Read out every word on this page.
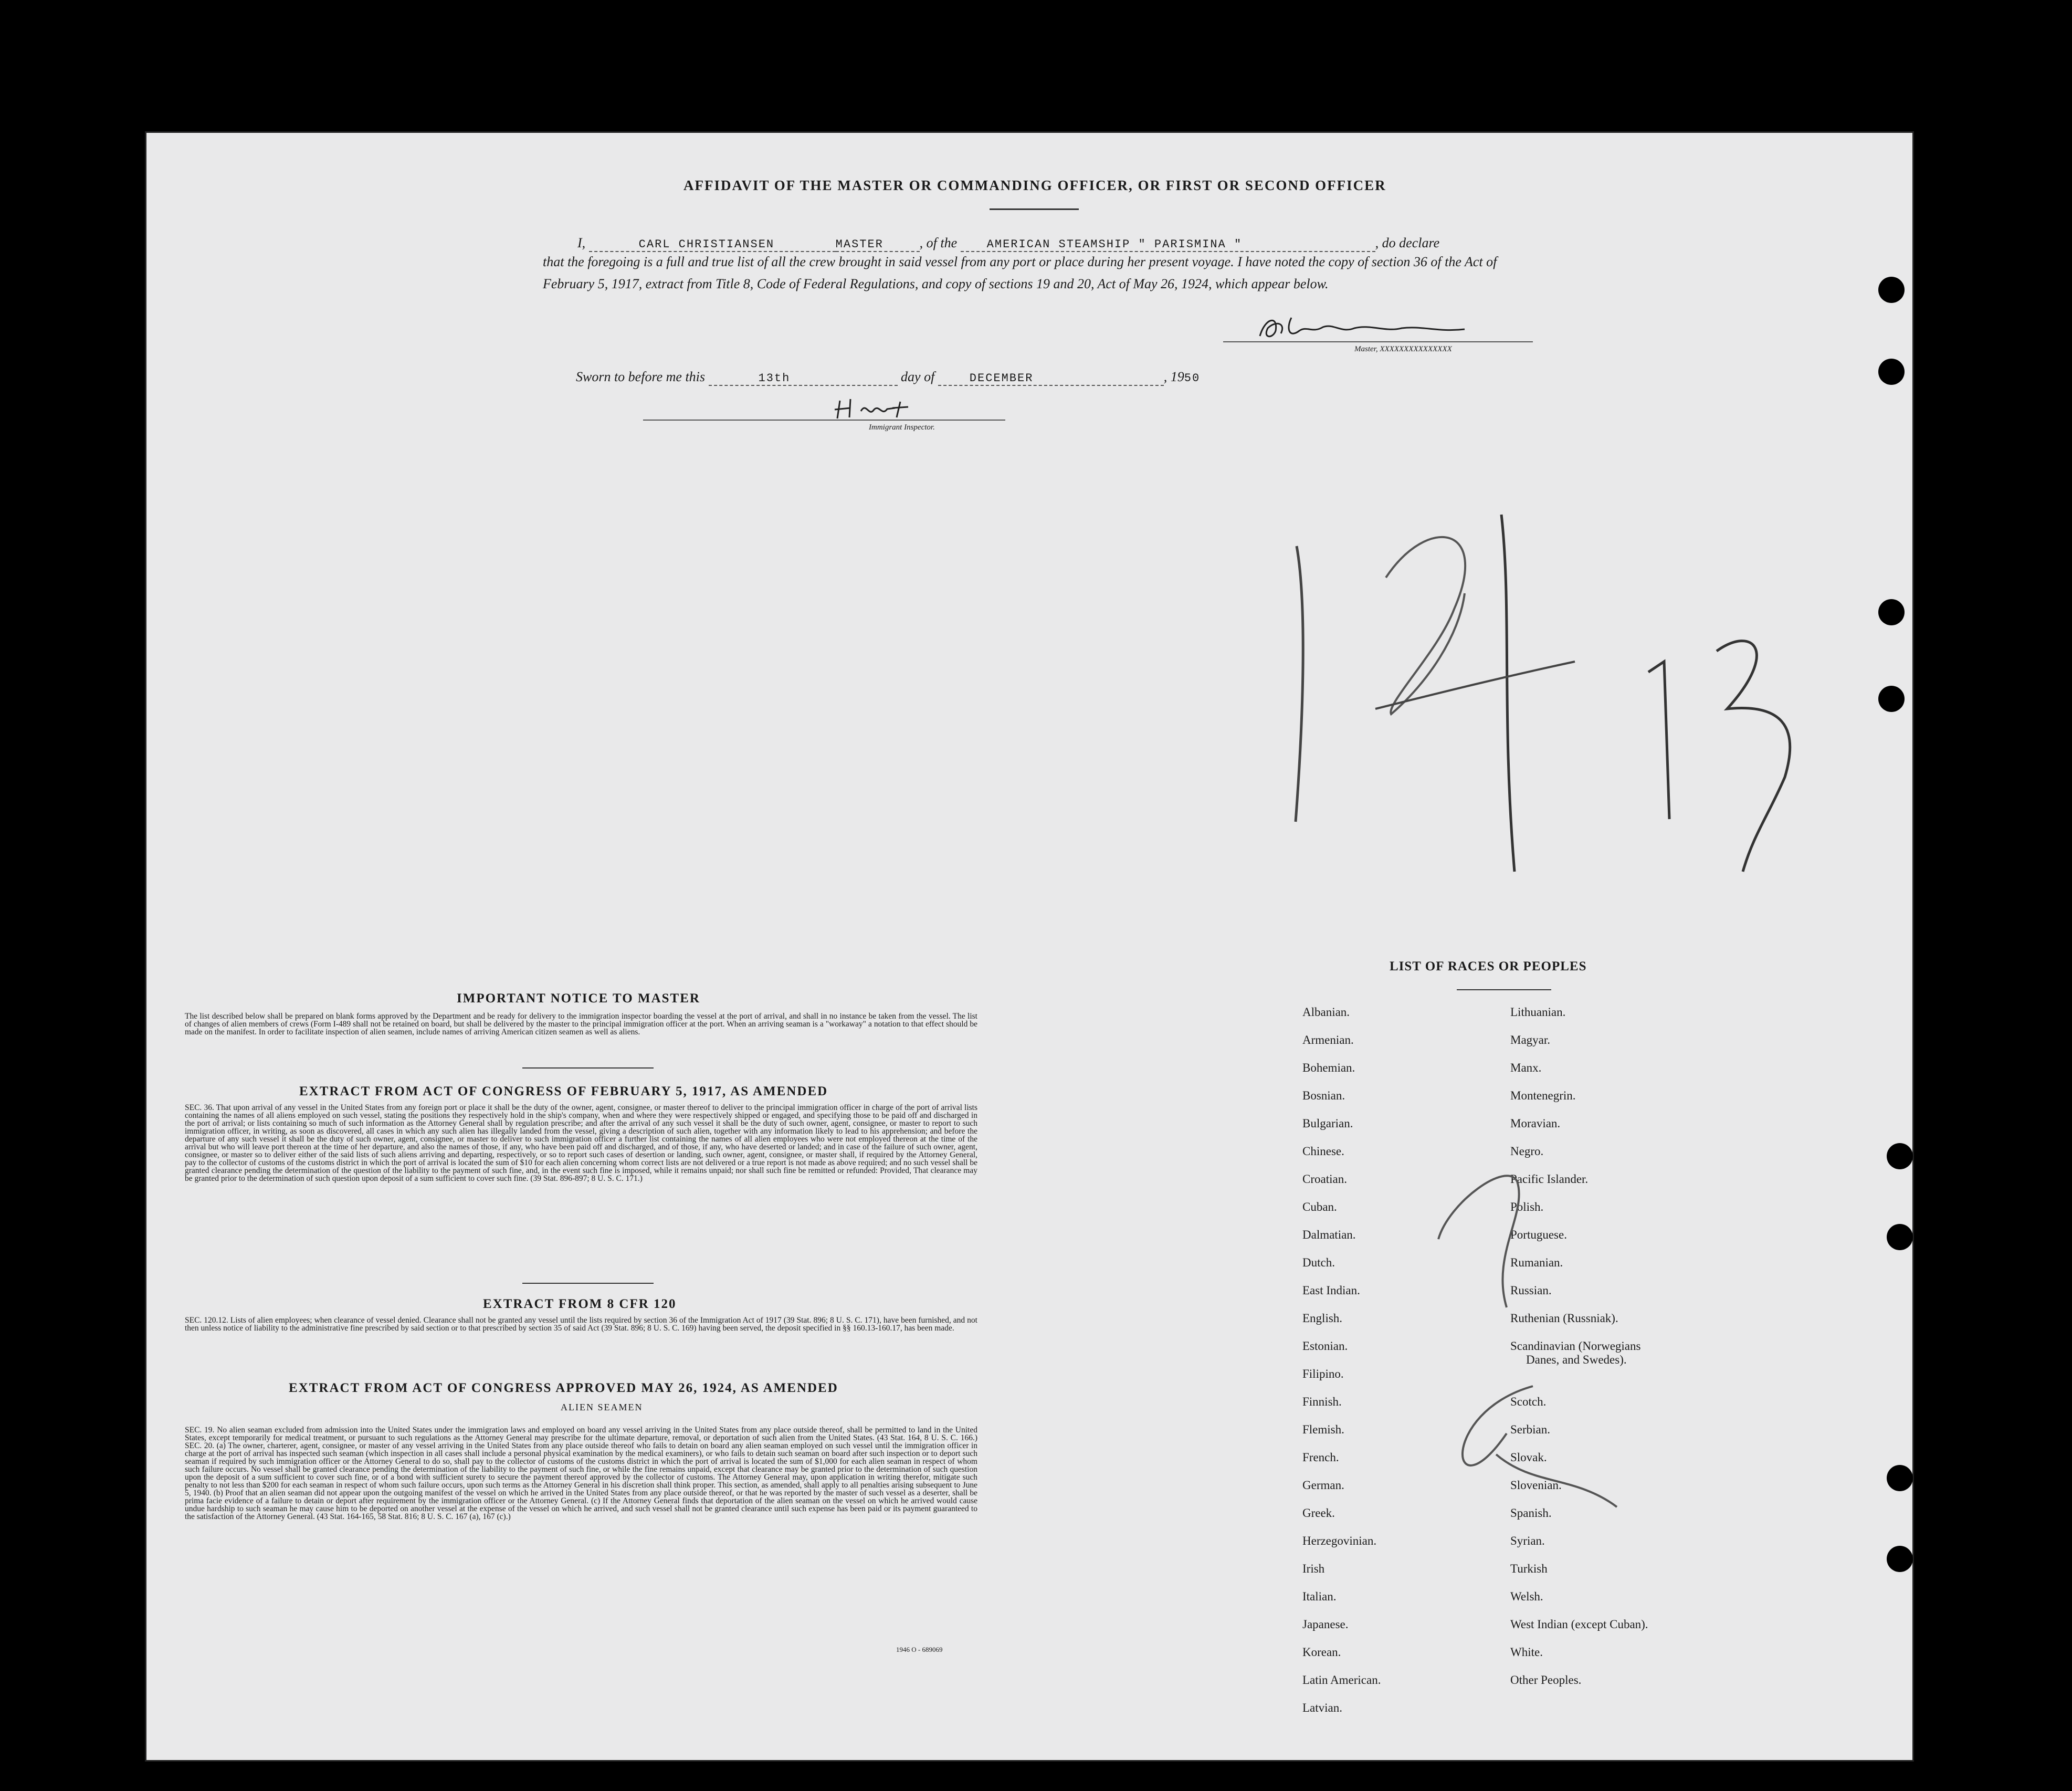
AFFIDAVIT OF THE MASTER OR COMMANDING OFFICER, OR FIRST OR SECOND OFFICER
I,	CARL CHRISTIANSEN	MASTER	, of the	AMERICAN STEAMSHIP " PARISMINA "	, do declare
that the foregoing is a full and true list of all the crew brought in said vessel from any port or place during her present voyage. I have noted the copy of section 36 of the Act of February 5, 1917, extract from Title 8, Code of Federal Regulations, and copy of sections 19 and 20, Act of May 26, 1924, which appear below.
Master, XXXXXXXXXXXXXXX
Sworn to before me this	13th	day of	DECEMBER	, 1950
Immigrant Inspector.
IMPORTANT NOTICE TO MASTER
The list described below shall be prepared on blank forms approved by the Department and be ready for delivery to the immigration inspector boarding the vessel at the port of arrival, and shall in no instance be taken from the vessel. The list of changes of alien members of crews (Form I-489 shall not be retained on board, but shall be delivered by the master to the principal immigration officer at the port. When an arriving seaman is a "workaway" a notation to that effect should be made on the manifest. In order to facilitate inspection of alien seamen, include names of arriving American citizen seamen as well as aliens.
EXTRACT FROM ACT OF CONGRESS OF FEBRUARY 5, 1917, AS AMENDED
SEC. 36. That upon arrival of any vessel in the United States from any foreign port or place it shall be the duty of the owner, agent, consignee, or master thereof to deliver to the principal immigration officer in charge of the port of arrival lists containing the names of all aliens employed on such vessel, stating the positions they respectively hold in the ship's company, when and where they were respectively shipped or engaged, and specifying those to be paid off and discharged in the port of arrival; or lists containing so much of such information as the Attorney General shall by regulation prescribe; and after the arrival of any such vessel it shall be the duty of such owner, agent, consignee, or master to report to such immigration officer, in writing, as soon as discovered, all cases in which any such alien has illegally landed from the vessel, giving a description of such alien, together with any information likely to lead to his apprehension; and before the departure of any such vessel it shall be the duty of such owner, agent, consignee, or master to deliver to such immigration officer a further list containing the names of all alien employees who were not employed thereon at the time of the arrival but who will leave port thereon at the time of her departure, and also the names of those, if any, who have been paid off and discharged, and of those, if any, who have deserted or landed; and in case of the failure of such owner, agent, consignee, or master so to deliver either of the said lists of such aliens arriving and departing, respectively, or so to report such cases of desertion or landing, such owner, agent, consignee, or master shall, if required by the Attorney General, pay to the collector of customs of the customs district in which the port of arrival is located the sum of $10 for each alien concerning whom correct lists are not delivered or a true report is not made as above required; and no such vessel shall be granted clearance pending the determination of the question of the liability to the payment of such fine, and, in the event such fine is imposed, while it remains unpaid; nor shall such fine be remitted or refunded: Provided, That clearance may be granted prior to the determination of such question upon deposit of a sum sufficient to cover such fine. (39 Stat. 896-897; 8 U. S. C. 171.)
EXTRACT FROM 8 CFR 120
SEC. 120.12. Lists of alien employees; when clearance of vessel denied. Clearance shall not be granted any vessel until the lists required by section 36 of the Immigration Act of 1917 (39 Stat. 896; 8 U. S. C. 171), have been furnished, and not then unless notice of liability to the administrative fine prescribed by said section or to that prescribed by section 35 of said Act (39 Stat. 896; 8 U. S. C. 169) having been served, the deposit specified in §§ 160.13-160.17, has been made.
EXTRACT FROM ACT OF CONGRESS APPROVED MAY 26, 1924, AS AMENDED
ALIEN SEAMEN
SEC. 19. No alien seaman excluded from admission into the United States under the immigration laws and employed on board any vessel arriving in the United States from any place outside thereof, shall be permitted to land in the United States, except temporarily for medical treatment, or pursuant to such regulations as the Attorney General may prescribe for the ultimate departure, removal, or deportation of such alien from the United States. (43 Stat. 164, 8 U. S. C. 166.) SEC. 20. (a) The owner, charterer, agent, consignee, or master of any vessel arriving in the United States from any place outside thereof who fails to detain on board any alien seaman employed on such vessel until the immigration officer in charge at the port of arrival has inspected such seaman (which inspection in all cases shall include a personal physical examination by the medical examiners), or who fails to detain such seaman on board after such inspection or to deport such seaman if required by such immigration officer or the Attorney General to do so, shall pay to the collector of customs of the customs district in which the port of arrival is located the sum of $1,000 for each alien seaman in respect of whom such failure occurs. No vessel shall be granted clearance pending the determination of the liability to the payment of such fine, or while the fine remains unpaid, except that clearance may be granted prior to the determination of such question upon the deposit of a sum sufficient to cover such fine, or of a bond with sufficient surety to secure the payment thereof approved by the collector of customs. The Attorney General may, upon application in writing therefor, mitigate such penalty to not less than $200 for each seaman in respect of whom such failure occurs, upon such terms as the Attorney General in his discretion shall think proper. This section, as amended, shall apply to all penalties arising subsequent to June 5, 1940. (b) Proof that an alien seaman did not appear upon the outgoing manifest of the vessel on which he arrived in the United States from any place outside thereof, or that he was reported by the master of such vessel as a deserter, shall be prima facie evidence of a failure to detain or deport after requirement by the immigration officer or the Attorney General. (c) If the Attorney General finds that deportation of the alien seaman on the vessel on which he arrived would cause undue hardship to such seaman he may cause him to be deported on another vessel at the expense of the vessel on which he arrived, and such vessel shall not be granted clearance until such expense has been paid or its payment guaranteed to the satisfaction of the Attorney General. (43 Stat. 164-165, 58 Stat. 816; 8 U. S. C. 167 (a), 167 (c).)
1946 O - 689069
LIST OF RACES OR PEOPLES
Albanian.
Armenian.
Bohemian.
Bosnian.
Bulgarian.
Chinese.
Croatian.
Cuban.
Dalmatian.
Dutch.
East Indian.
English.
Estonian.
Filipino.
Finnish.
Flemish.
French.
German.
Greek.
Herzegovinian.
Irish
Italian.
Japanese.
Korean.
Latin American.
Latvian.
Lithuanian.
Magyar.
Manx.
Montenegrin.
Moravian.
Negro.
Pacific Islander.
Polish.
Portuguese.
Rumanian.
Russian.
Ruthenian (Russniak).
Scandinavian (Norwegians
Danes, and Swedes).
Scotch.
Serbian.
Slovak.
Slovenian.
Spanish.
Syrian.
Turkish
Welsh.
West Indian (except Cuban).
White.
Other Peoples.
